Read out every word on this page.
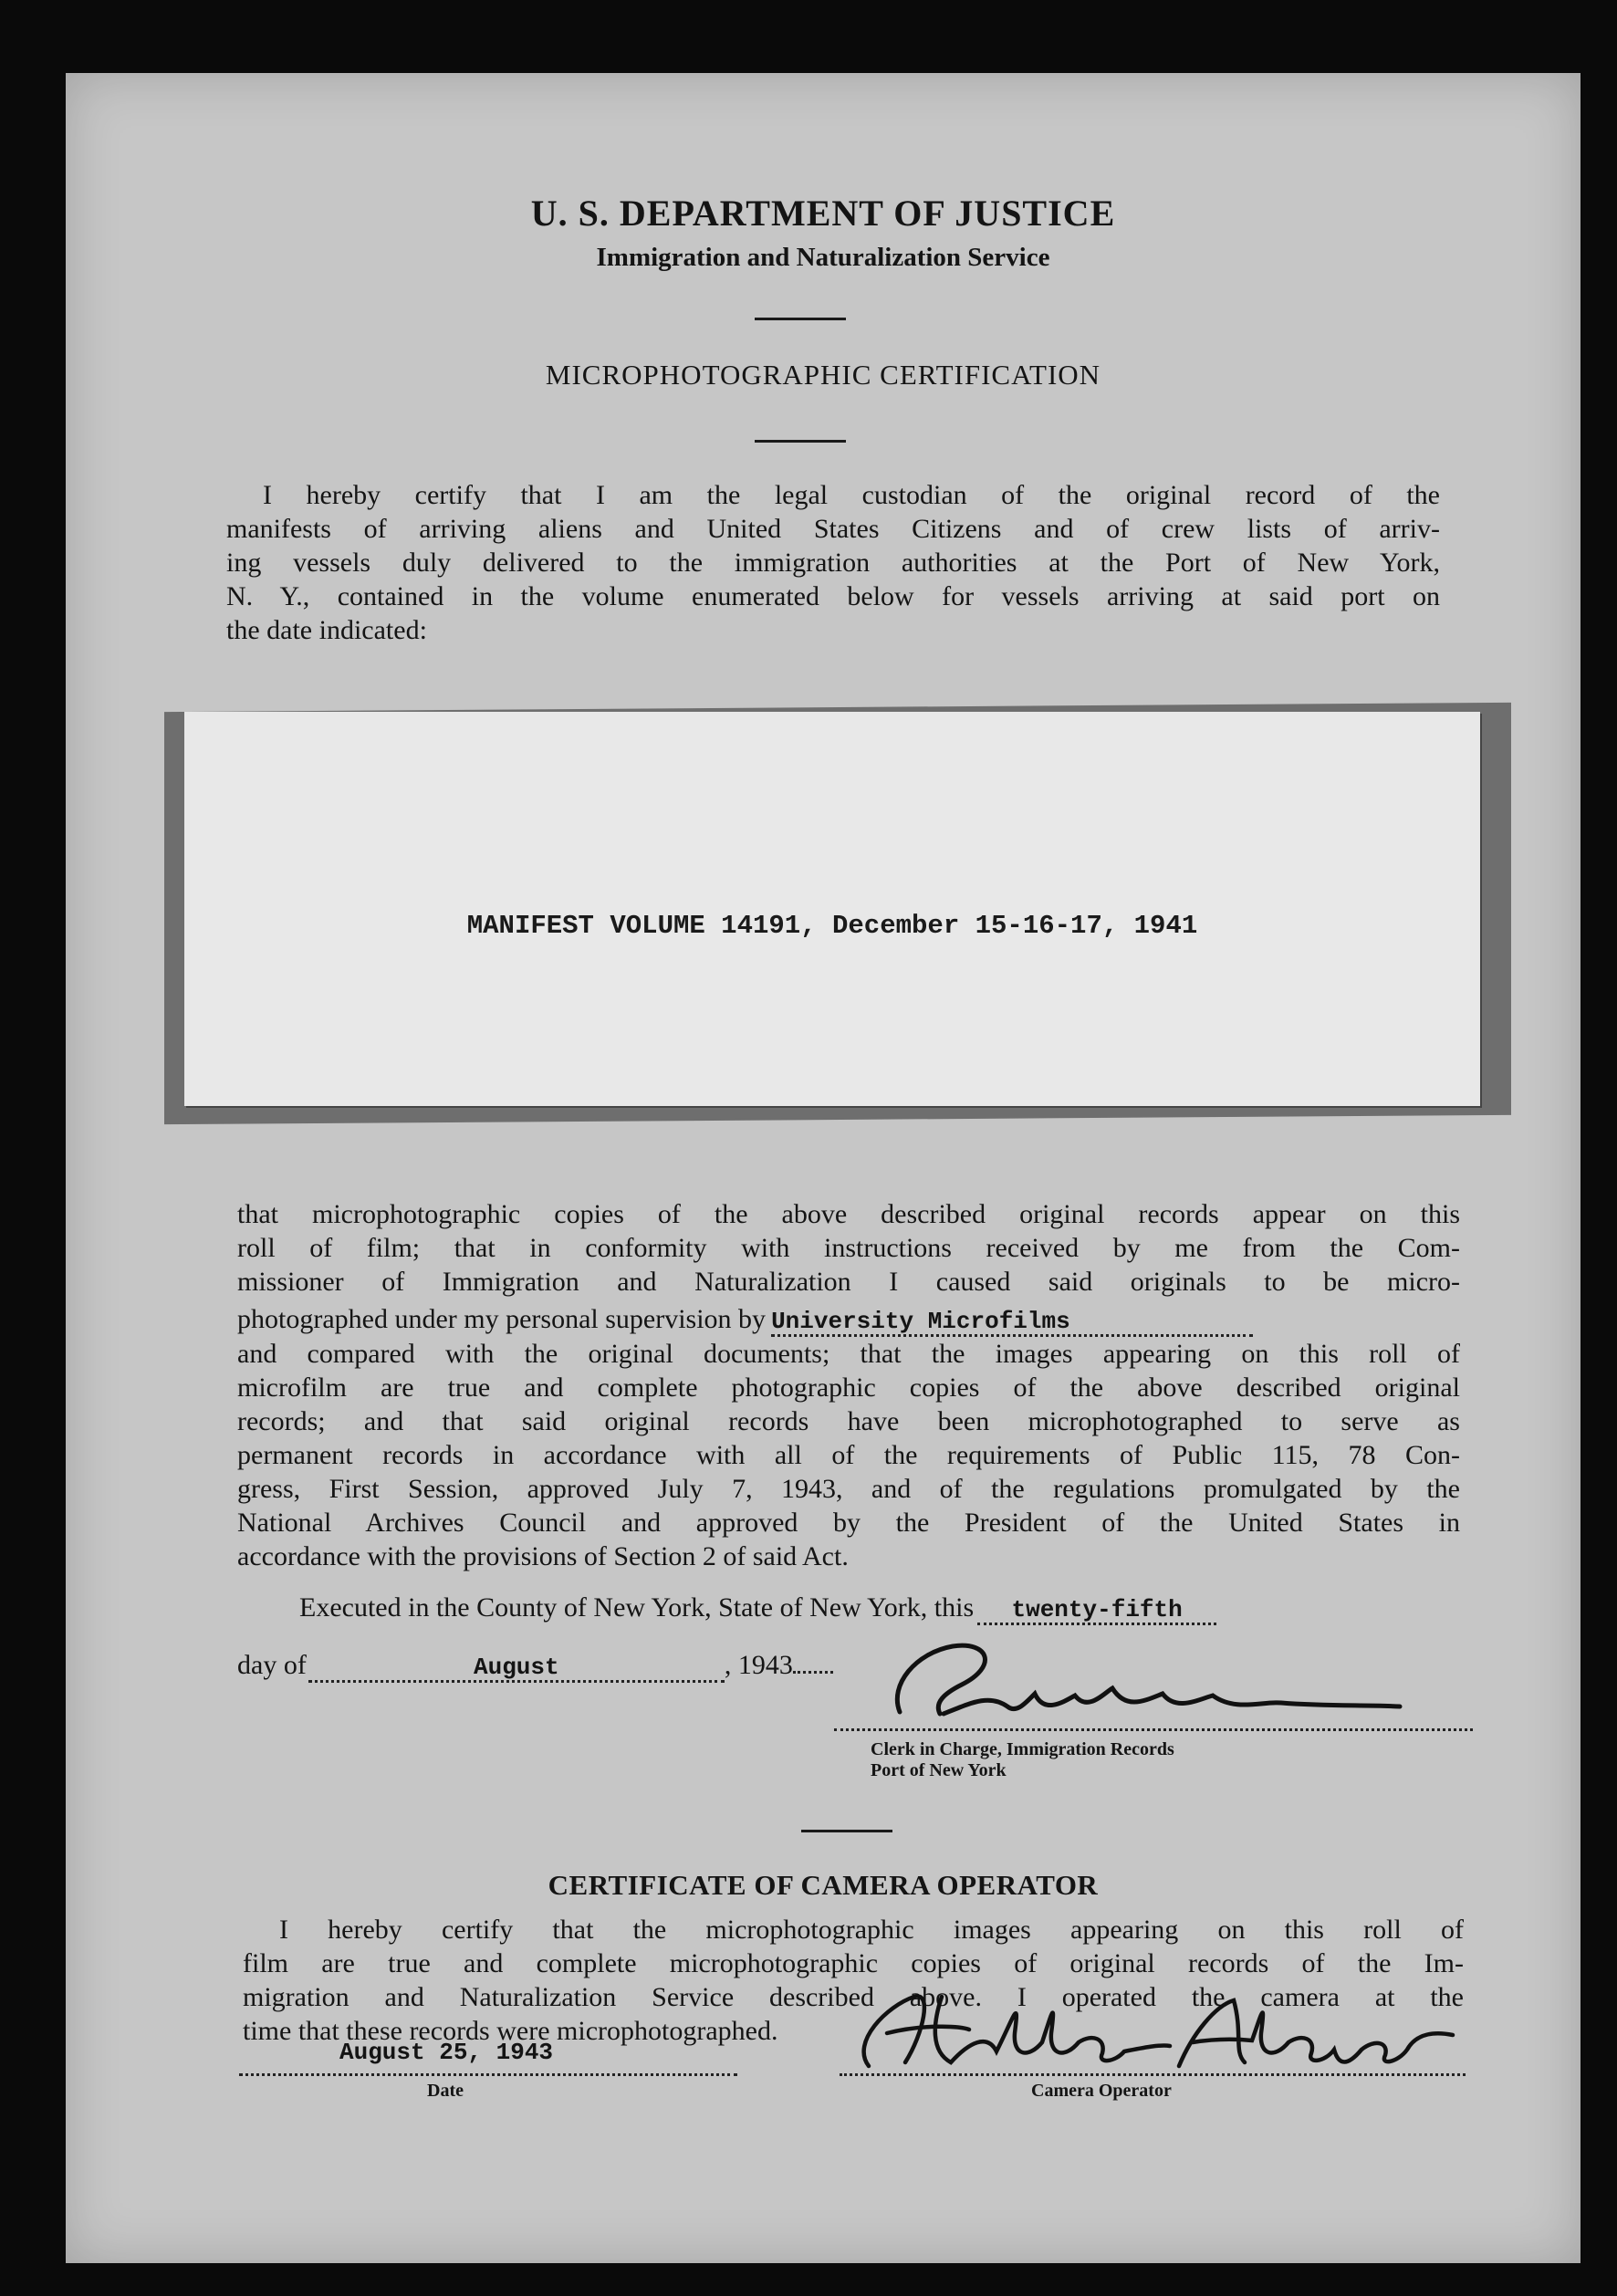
U. S. DEPARTMENT OF JUSTICE
Immigration and Naturalization Service
MICROPHOTOGRAPHIC CERTIFICATION
I hereby certify that I am the legal custodian of the original record of the
manifests of arriving aliens and United States Citizens and of crew lists of arriv-
ing vessels duly delivered to the immigration authorities at the Port of New York,
N. Y., contained in the volume enumerated below for vessels arriving at said port on
the date indicated:
MANIFEST VOLUME 14191, December 15-16-17, 1941
that microphotographic copies of the above described original records appear on this
roll of film; that in conformity with instructions received by me from the Com-
missioner of Immigration and Naturalization I caused said originals to be micro-
photographed under my personal supervision by University Microfilms
and compared with the original documents; that the images appearing on this roll of
microfilm are true and complete photographic copies of the above described original
records; and that said original records have been microphotographed to serve as
permanent records in accordance with all of the requirements of Public 115, 78 Con-
gress, First Session, approved July 7, 1943, and of the regulations promulgated by the
National Archives Council and approved by the President of the United States in
accordance with the provisions of Section 2 of said Act.
Executed in the County of New York, State of New York, this twenty-fifth
day of	August	, 1943
Clerk in Charge, Immigration Records
Port of New York
CERTIFICATE OF CAMERA OPERATOR
I hereby certify that the microphotographic images appearing on this roll of
film are true and complete microphotographic copies of original records of the Im-
migration and Naturalization Service described above. I operated the camera at the
time that these records were microphotographed.
August 25, 1943
Date	Camera Operator
